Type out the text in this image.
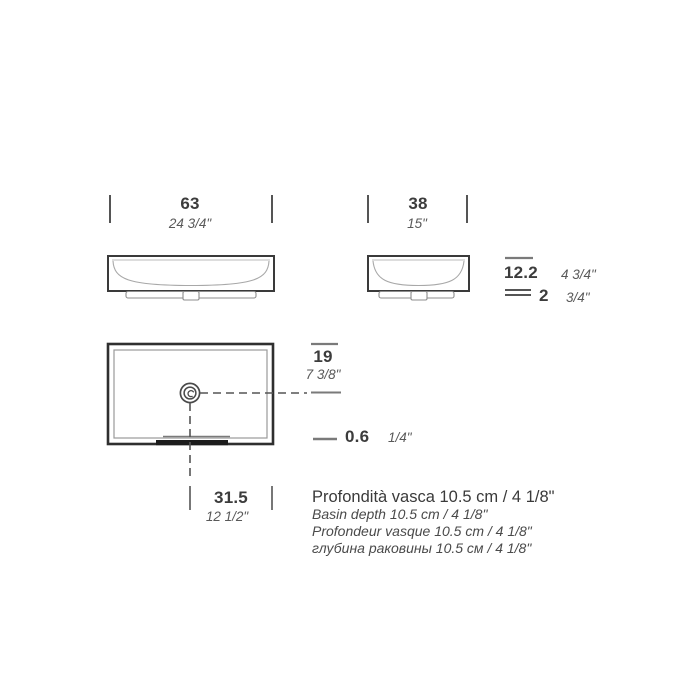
63
24 3/4"
38
15"
12.2 4 3/4"
2 3/4"
19
7 3/8"
0.6 1/4"
31.5
12 1/2"
Profondità vasca 10.5 cm / 4 1/8"
Basin depth 10.5 cm / 4 1/8"
Profondeur vasque 10.5 cm / 4 1/8"
глубина раковины 10.5 см / 4 1/8"
